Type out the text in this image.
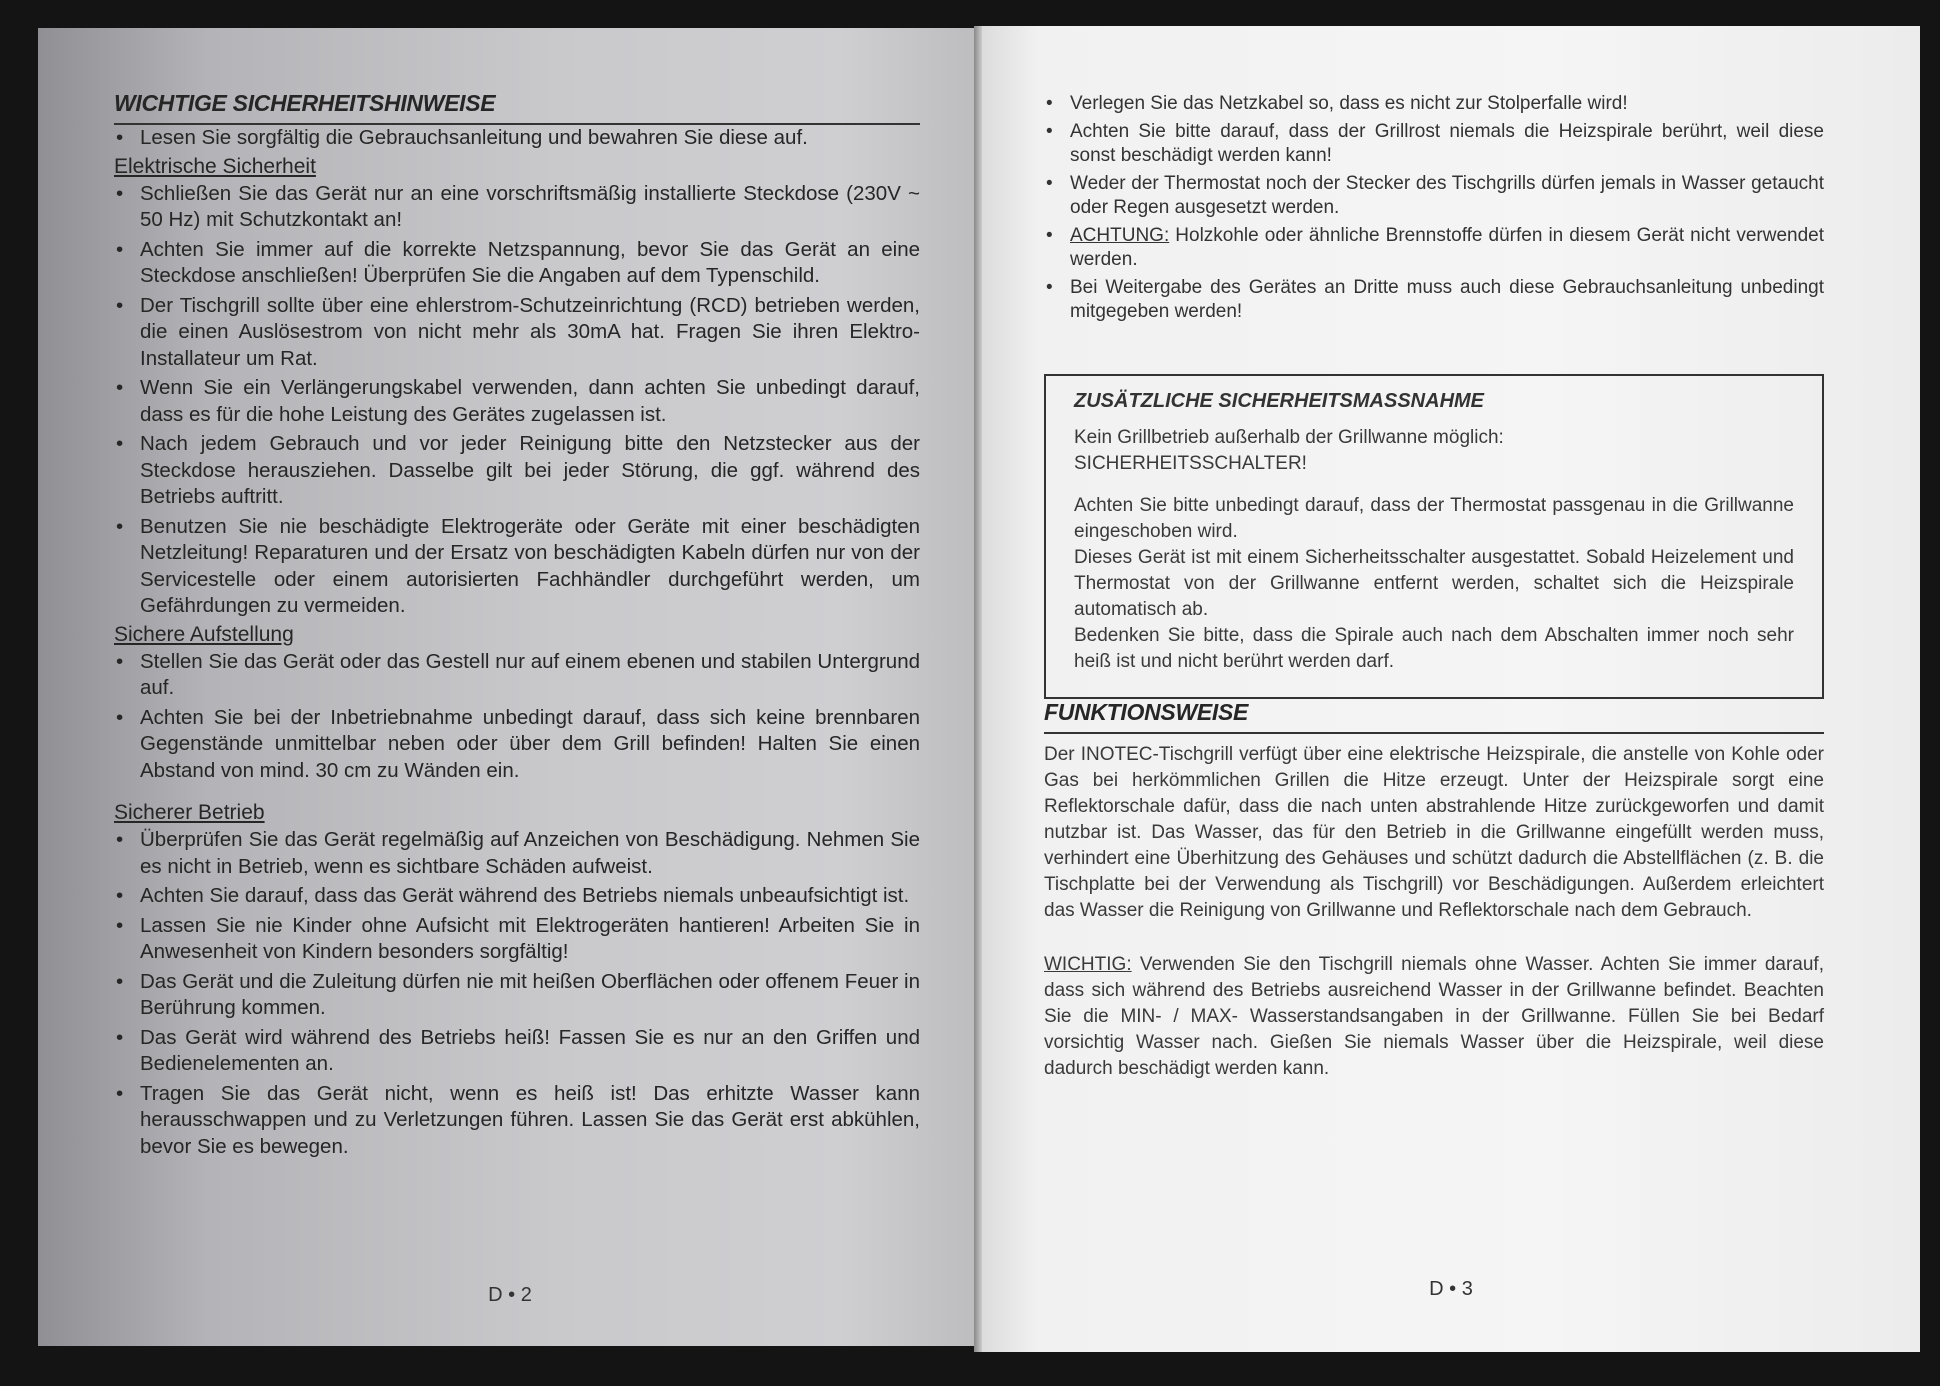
WICHTIGE SICHERHEITSHINWEISE
• Lesen Sie sorgfältig die Gebrauchsanleitung und bewahren Sie diese auf.
Elektrische Sicherheit
• Schließen Sie das Gerät nur an eine vorschriftsmäßig installierte Steckdose (230V ~ 50 Hz) mit Schutzkontakt an!
• Achten Sie immer auf die korrekte Netzspannung, bevor Sie das Gerät an eine Steckdose anschließen! Überprüfen Sie die Angaben auf dem Typenschild.
• Der Tischgrill sollte über eine ehlerstrom-Schutzeinrichtung (RCD) betrieben werden, die einen Auslösestrom von nicht mehr als 30mA hat. Fragen Sie ihren Elektro-Installateur um Rat.
• Wenn Sie ein Verlängerungskabel verwenden, dann achten Sie unbedingt darauf, dass es für die hohe Leistung des Gerätes zugelassen ist.
• Nach jedem Gebrauch und vor jeder Reinigung bitte den Netzstecker aus der Steckdose herausziehen. Dasselbe gilt bei jeder Störung, die ggf. während des Betriebs auftritt.
• Benutzen Sie nie beschädigte Elektrogeräte oder Geräte mit einer beschädigten Netzleitung! Reparaturen und der Ersatz von beschädigten Kabeln dürfen nur von der Servicestelle oder einem autorisierten Fachhändler durchgeführt werden, um Gefährdungen zu vermeiden.
Sichere Aufstellung
• Stellen Sie das Gerät oder das Gestell nur auf einem ebenen und stabilen Untergrund auf.
• Achten Sie bei der Inbetriebnahme unbedingt darauf, dass sich keine brennbaren Gegenstände unmittelbar neben oder über dem Grill befinden! Halten Sie einen Abstand von mind. 30 cm zu Wänden ein.
Sicherer Betrieb
• Überprüfen Sie das Gerät regelmäßig auf Anzeichen von Beschädigung. Nehmen Sie es nicht in Betrieb, wenn es sichtbare Schäden aufweist.
• Achten Sie darauf, dass das Gerät während des Betriebs niemals unbeaufsichtigt ist.
• Lassen Sie nie Kinder ohne Aufsicht mit Elektrogeräten hantieren! Arbeiten Sie in Anwesenheit von Kindern besonders sorgfältig!
• Das Gerät und die Zuleitung dürfen nie mit heißen Oberflächen oder offenem Feuer in Berührung kommen.
• Das Gerät wird während des Betriebs heiß! Fassen Sie es nur an den Griffen und Bedienelementen an.
• Tragen Sie das Gerät nicht, wenn es heiß ist! Das erhitzte Wasser kann herausschwappen und zu Verletzungen führen. Lassen Sie das Gerät erst abkühlen, bevor Sie es bewegen.
D • 2
• Verlegen Sie das Netzkabel so, dass es nicht zur Stolperfalle wird!
• Achten Sie bitte darauf, dass der Grillrost niemals die Heizspirale berührt, weil diese sonst beschädigt werden kann!
• Weder der Thermostat noch der Stecker des Tischgrills dürfen jemals in Wasser getaucht oder Regen ausgesetzt werden.
• ACHTUNG: Holzkohle oder ähnliche Brennstoffe dürfen in diesem Gerät nicht verwendet werden.
• Bei Weitergabe des Gerätes an Dritte muss auch diese Gebrauchsanleitung unbedingt mitgegeben werden!
ZUSÄTZLICHE SICHERHEITSMASSNAHME

Kein Grillbetrieb außerhalb der Grillwanne möglich:

SICHERHEITSSCHALTER!

Achten Sie bitte unbedingt darauf, dass der Thermostat passgenau in die Grillwanne eingeschoben wird.

Dieses Gerät ist mit einem Sicherheitsschalter ausgestattet. Sobald Heizelement und Thermostat von der Grillwanne entfernt werden, schaltet sich die Heizspirale automatisch ab.

Bedenken Sie bitte, dass die Spirale auch nach dem Abschalten immer noch sehr heiß ist und nicht berührt werden darf.

FUNKTIONSWEISE

Der INOTEC-Tischgrill verfügt über eine elektrische Heizspirale, die anstelle von Kohle oder Gas bei herkömmlichen Grillen die Hitze erzeugt. Unter der Heizspirale sorgt eine Reflektorschale dafür, dass die nach unten abstrahlende Hitze zurückgeworfen und damit nutzbar ist. Das Wasser, das für den Betrieb in die Grillwanne eingefüllt werden muss, verhindert eine Überhitzung des Gehäuses und schützt dadurch die Abstellflächen (z. B. die Tischplatte bei der Verwendung als Tischgrill) vor Beschädigungen. Außerdem erleichtert das Wasser die Reinigung von Grillwanne und Reflektorschale nach dem Gebrauch.

WICHTIG: Verwenden Sie den Tischgrill niemals ohne Wasser. Achten Sie immer darauf, dass sich während des Betriebs ausreichend Wasser in der Grillwanne befindet. Beachten Sie die MIN- / MAX- Wasserstandsangaben in der Grillwanne. Füllen Sie bei Bedarf vorsichtig Wasser nach. Gießen Sie niemals Wasser über die Heizspirale, weil diese dadurch beschädigt werden kann.

D • 3
